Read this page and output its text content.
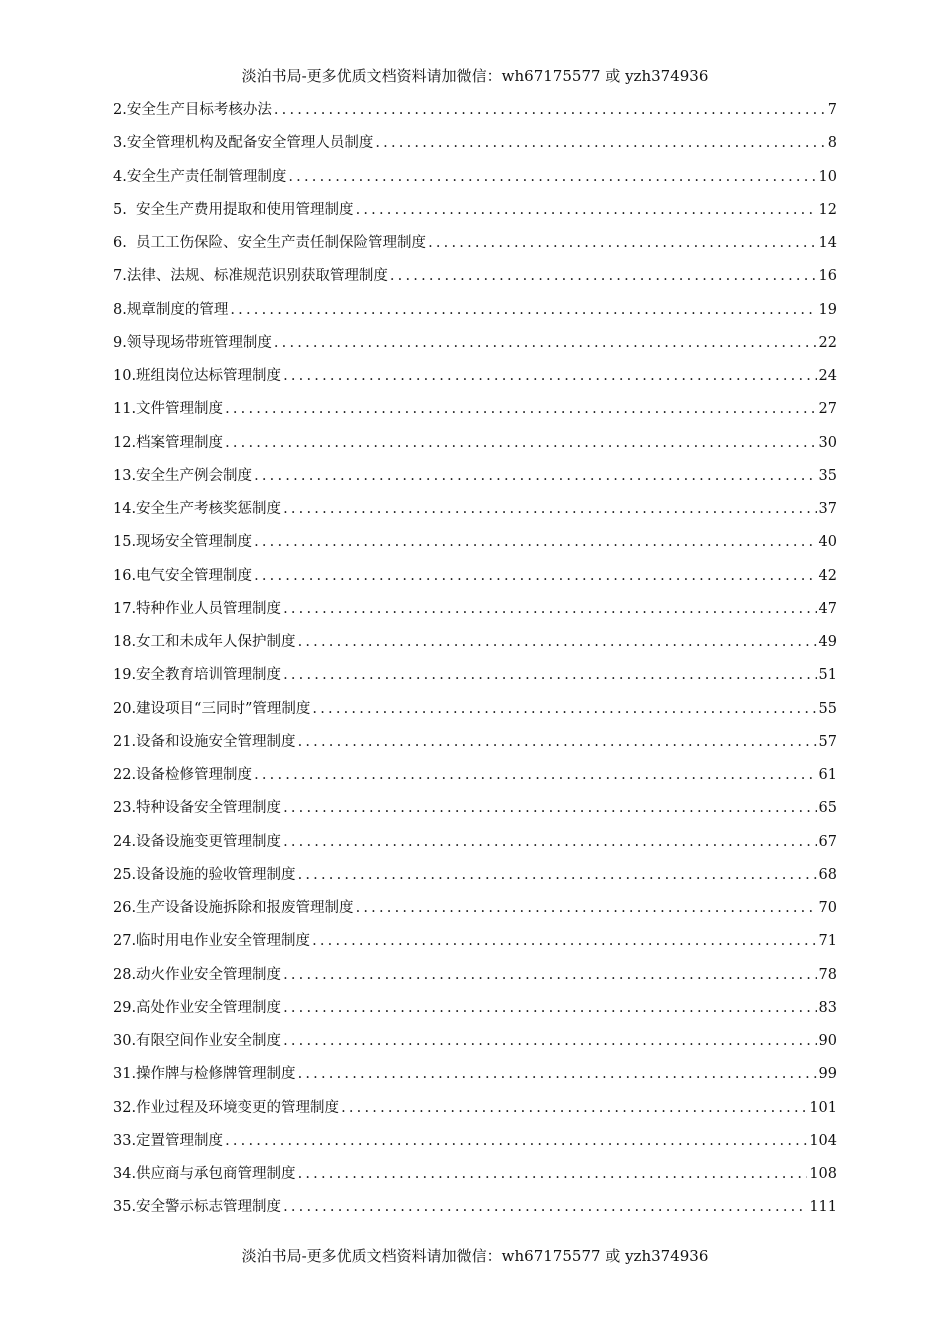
淡泊书局-更多优质文档资料请加微信：wh67175577 或 yzh374936
2.安全生产目标考核办法 .....	7
3.安全管理机构及配备安全管理人员制度 .....	8
4.安全生产责任制管理制度 .....	10
5.  安全生产费用提取和使用管理制度 .....	12
6.  员工工伤保险、安全生产责任制保险管理制度 .....	14
7.法律、法规、标准规范识别获取管理制度 .....	16
8.规章制度的管理 .....	19
9.领导现场带班管理制度 .....	22
10.班组岗位达标管理制度 .....	24
11.文件管理制度 .....	27
12.档案管理制度 .....	30
13.安全生产例会制度 .....	35
14.安全生产考核奖惩制度 .....	37
15.现场安全管理制度 .....	40
16.电气安全管理制度 .....	42
17.特种作业人员管理制度 .....	47
18.女工和未成年人保护制度 .....	49
19.安全教育培训管理制度 .....	51
20.建设项目“三同时”管理制度 .....	55
21.设备和设施安全管理制度 .....	57
22.设备检修管理制度 .....	61
23.特种设备安全管理制度 .....	65
24.设备设施变更管理制度 .....	67
25.设备设施的验收管理制度 .....	68
26.生产设备设施拆除和报废管理制度 .....	70
27.临时用电作业安全管理制度 .....	71
28.动火作业安全管理制度 .....	78
29.高处作业安全管理制度 .....	83
30.有限空间作业安全制度 .....	90
31.操作牌与检修牌管理制度 .....	99
32.作业过程及环境变更的管理制度 .....	101
33.定置管理制度 .....	104
34.供应商与承包商管理制度 .....	108
35.安全警示标志管理制度 .....	111
淡泊书局-更多优质文档资料请加微信：wh67175577 或 yzh374936
